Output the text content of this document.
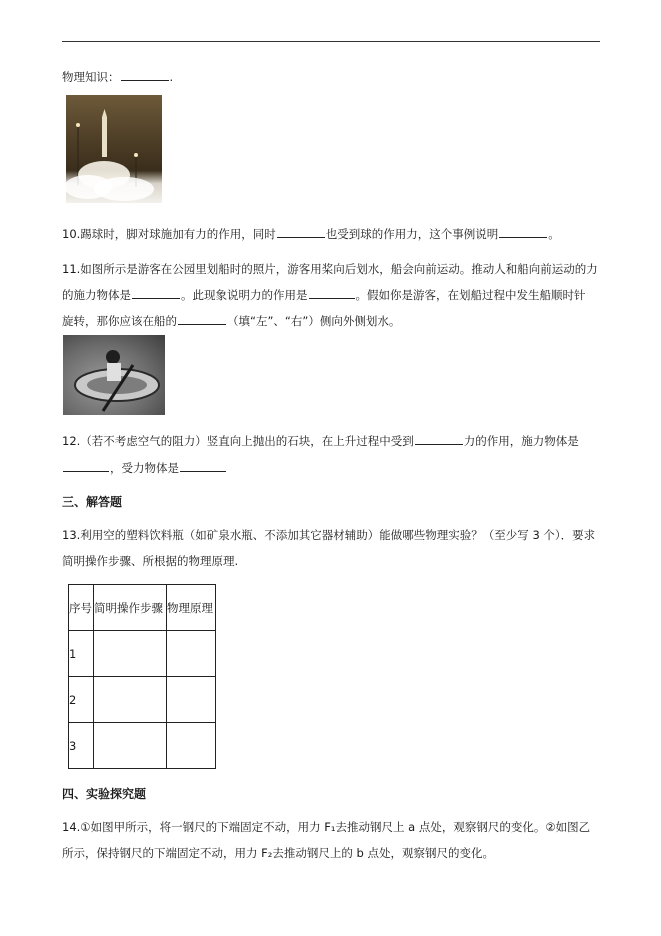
物理知识：	.
10.踢球时，脚对球施加有力的作用，同时	也受到球的作用力，这个事例说明	。
11.如图所示是游客在公园里划船时的照片，游客用桨向后划水，船会向前运动。推动人和船向前运动的力
的施力物体是	。此现象说明力的作用是	。假如你是游客，在划船过程中发生船顺时针
旋转，那你应该在船的	（填“左”、“右”）侧向外侧划水。
12.（若不考虑空气的阻力）竖直向上抛出的石块，在上升过程中受到	力的作用，施力物体是
，受力物体是
三、解答题
13.利用空的塑料饮料瓶（如矿泉水瓶、不添加其它器材辅助）能做哪些物理实验？（至少写 3 个）．要求
简明操作步骤、所根据的物理原理.
序号	简明操作步骤	物理原理
1		
2		
3		
四、实验探究题
14.①如图甲所示，将一钢尺的下端固定不动，用力 F₁去推动钢尺上 a 点处，观察钢尺的变化。②如图乙
所示，保持钢尺的下端固定不动，用力 F₂去推动钢尺上的 b 点处，观察钢尺的变化。
